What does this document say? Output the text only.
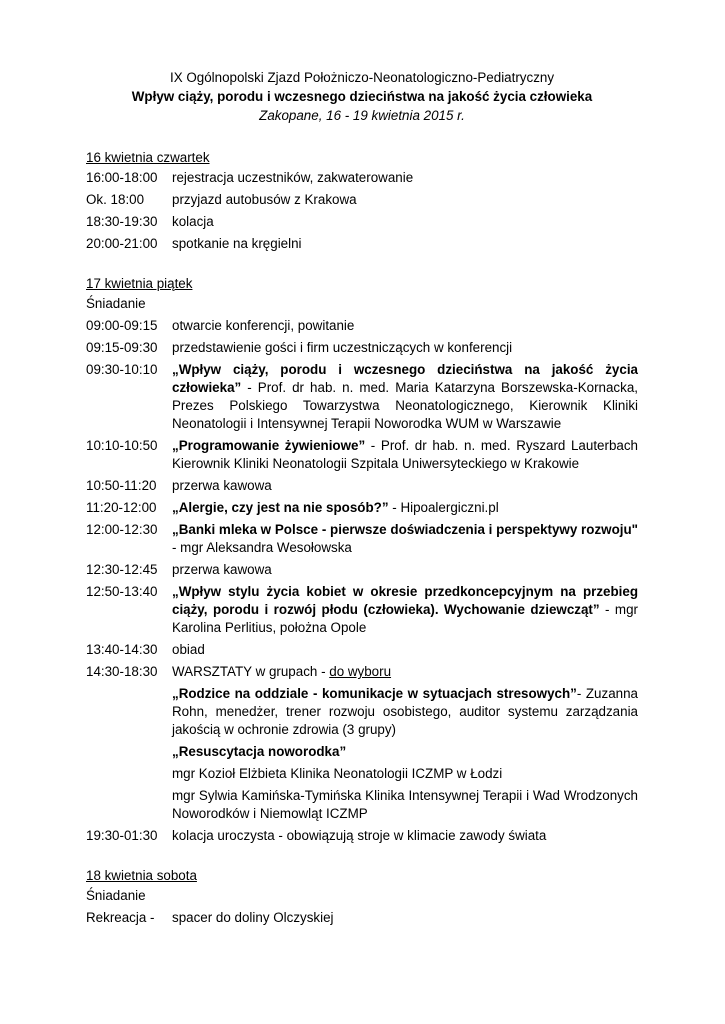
IX Ogólnopolski Zjazd Położniczo-Neonatologiczno-Pediatryczny
Wpływ ciąży, porodu i wczesnego dzieciństwa na jakość życia człowieka
Zakopane, 16 - 19 kwietnia 2015 r.
16 kwietnia czwartek
16:00-18:00	rejestracja uczestników, zakwaterowanie
Ok. 18:00	przyjazd autobusów z Krakowa
18:30-19:30	kolacja
20:00-21:00	spotkanie na kręgielni
17 kwietnia piątek
Śniadanie
09:00-09:15	otwarcie konferencji, powitanie
09:15-09:30	przedstawienie gości i firm uczestniczących w konferencji
09:30-10:10	„Wpływ ciąży, porodu i wczesnego dzieciństwa na jakość życia człowieka” - Prof. dr hab. n. med. Maria Katarzyna Borszewska-Kornacka, Prezes Polskiego Towarzystwa Neonatologicznego, Kierownik Kliniki Neonatologii i Intensywnej Terapii Noworodka WUM w Warszawie
10:10-10:50	„Programowanie żywieniowe” - Prof. dr hab. n. med. Ryszard Lauterbach Kierownik Kliniki Neonatologii Szpitala Uniwersyteckiego w Krakowie
10:50-11:20	przerwa kawowa
11:20-12:00	„Alergie, czy jest na nie sposób?” - Hipoalergiczni.pl
12:00-12:30	„Banki mleka w Polsce - pierwsze doświadczenia i perspektywy rozwoju" - mgr Aleksandra Wesołowska
12:30-12:45	przerwa kawowa
12:50-13:40	„Wpływ stylu życia kobiet w okresie przedkoncepcyjnym na przebieg ciąży, porodu i rozwój płodu (człowieka). Wychowanie dziewcząt” - mgr Karolina Perlitius, położna Opole
13:40-14:30	obiad
14:30-18:30	WARSZTATY w grupach - do wyboru
„Rodzice na oddziale - komunikacje w sytuacjach stresowych”- Zuzanna Rohn, menedżer, trener rozwoju osobistego, auditor systemu zarządzania jakością w ochronie zdrowia (3 grupy)
„Resuscytacja noworodka”
mgr Kozioł Elżbieta Klinika Neonatologii ICZMP w Łodzi
mgr Sylwia Kamińska-Tymińska Klinika Intensywnej Terapii i Wad Wrodzonych Noworodków i Niemowląt ICZMP
19:30-01:30	kolacja uroczysta - obowiązują stroje w klimacie zawody świata
18 kwietnia sobota
Śniadanie
Rekreacja -	spacer do doliny Olczyskiej
